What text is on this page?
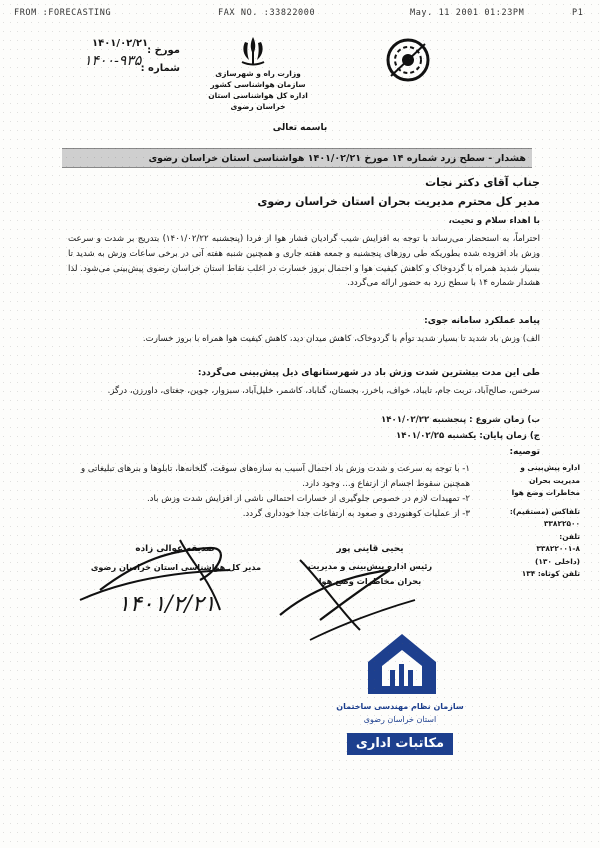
FROM :FORECASTING	FAX NO. :33822000	May. 11 2001 01:23PM	P1
مورخ :
۱۴۰۱/۰۲/۲۱
شماره :
۱۴۰۰-۹۳۵
وزارت راه و شهرسازی
سازمان هواشناسی کشور
اداره کل هواشناسی استان خراسان رضوی
باسمه تعالی
هشدار - سطح زرد شماره ۱۴ مورخ ۱۴۰۱/۰۲/۲۱ هواشناسی استان خراسان رضوی
جناب آقای دکتر نجات
مدیر کل محترم مدیریت بحران استان خراسان رضوی
با اهداء سلام و تحیت،
احتراماً، به استحضار می‌رساند با توجه به افزایش شیب گرادیان فشار هوا از فردا (پنجشنبه ۱۴۰۱/۰۲/۲۲) بتدریج بر شدت و سرعت وزش باد افزوده شده بطوریکه طی روزهای پنجشنبه و جمعه هفته جاری و همچنین شنبه هفته آتی در برخی ساعات وزش به شدید تا بسیار شدید همراه با گردوخاک و کاهش کیفیت هوا و احتمال بروز خسارت در اغلب نقاط استان خراسان رضوی پیش‌بینی می‌شود. لذا هشدار شماره ۱۴ با سطح زرد به حضور ارائه می‌گردد.
پیامد عملکرد سامانه جوی:
الف) وزش باد شدید تا بسیار شدید توأم با گردوخاک، کاهش میدان دید، کاهش کیفیت هوا همراه با بروز خسارت.
طی این مدت بیشترین شدت وزش باد در شهرستانهای ذیل پیش‌بینی می‌گردد:
سرخس، صالح‌آباد، تربت جام، تایباد، خواف، باخرز، بجستان، گناباد، کاشمر، خلیل‌آباد، سبزوار، جوین، جغتای، داورزن، درگز.
ب) زمان شروع : پنجشنبه ۱۴۰۱/۰۲/۲۲
ج) زمان پایان: یکشنبه ۱۴۰۱/۰۲/۲۵
توصیه:
۱- با توجه به سرعت و شدت وزش باد احتمال آسیب به سازه‌های سوقت، گلخانه‌ها، تابلوها و بنرهای تبلیغاتی و همچنین سقوط اجسام از ارتفاع و... وجود دارد.
۲- تمهیدات لازم در خصوص جلوگیری از خسارات احتمالی ناشی از افزایش شدت وزش باد.
۳- از عملیات کوهنوردی و صعود به ارتفاعات جدا خودداری گردد.
اداره پیش‌بینی و مدیریت بحران مخاطرات وضع هوا
تلفاکس (مستقیم):
۳۳۸۲۲۵۰۰
تلفن:
۳۳۸۲۲۰۰۱-۸
(داخلی ۱۳۰)
تلفن کوتاه: ۱۳۴
صدیقه عوالی زاده
مدیر کل هواشناسی استان خراسان رضوی
۱۴۰۱/۲/۲۱
یحیی قاینی پور
رئیس اداره پیش‌بینی و مدیریت
بحران مخاطرات وضع هوا
سازمان نظام مهندسی ساختمان
استان خراسان رضوی
مکاتبات اداری
